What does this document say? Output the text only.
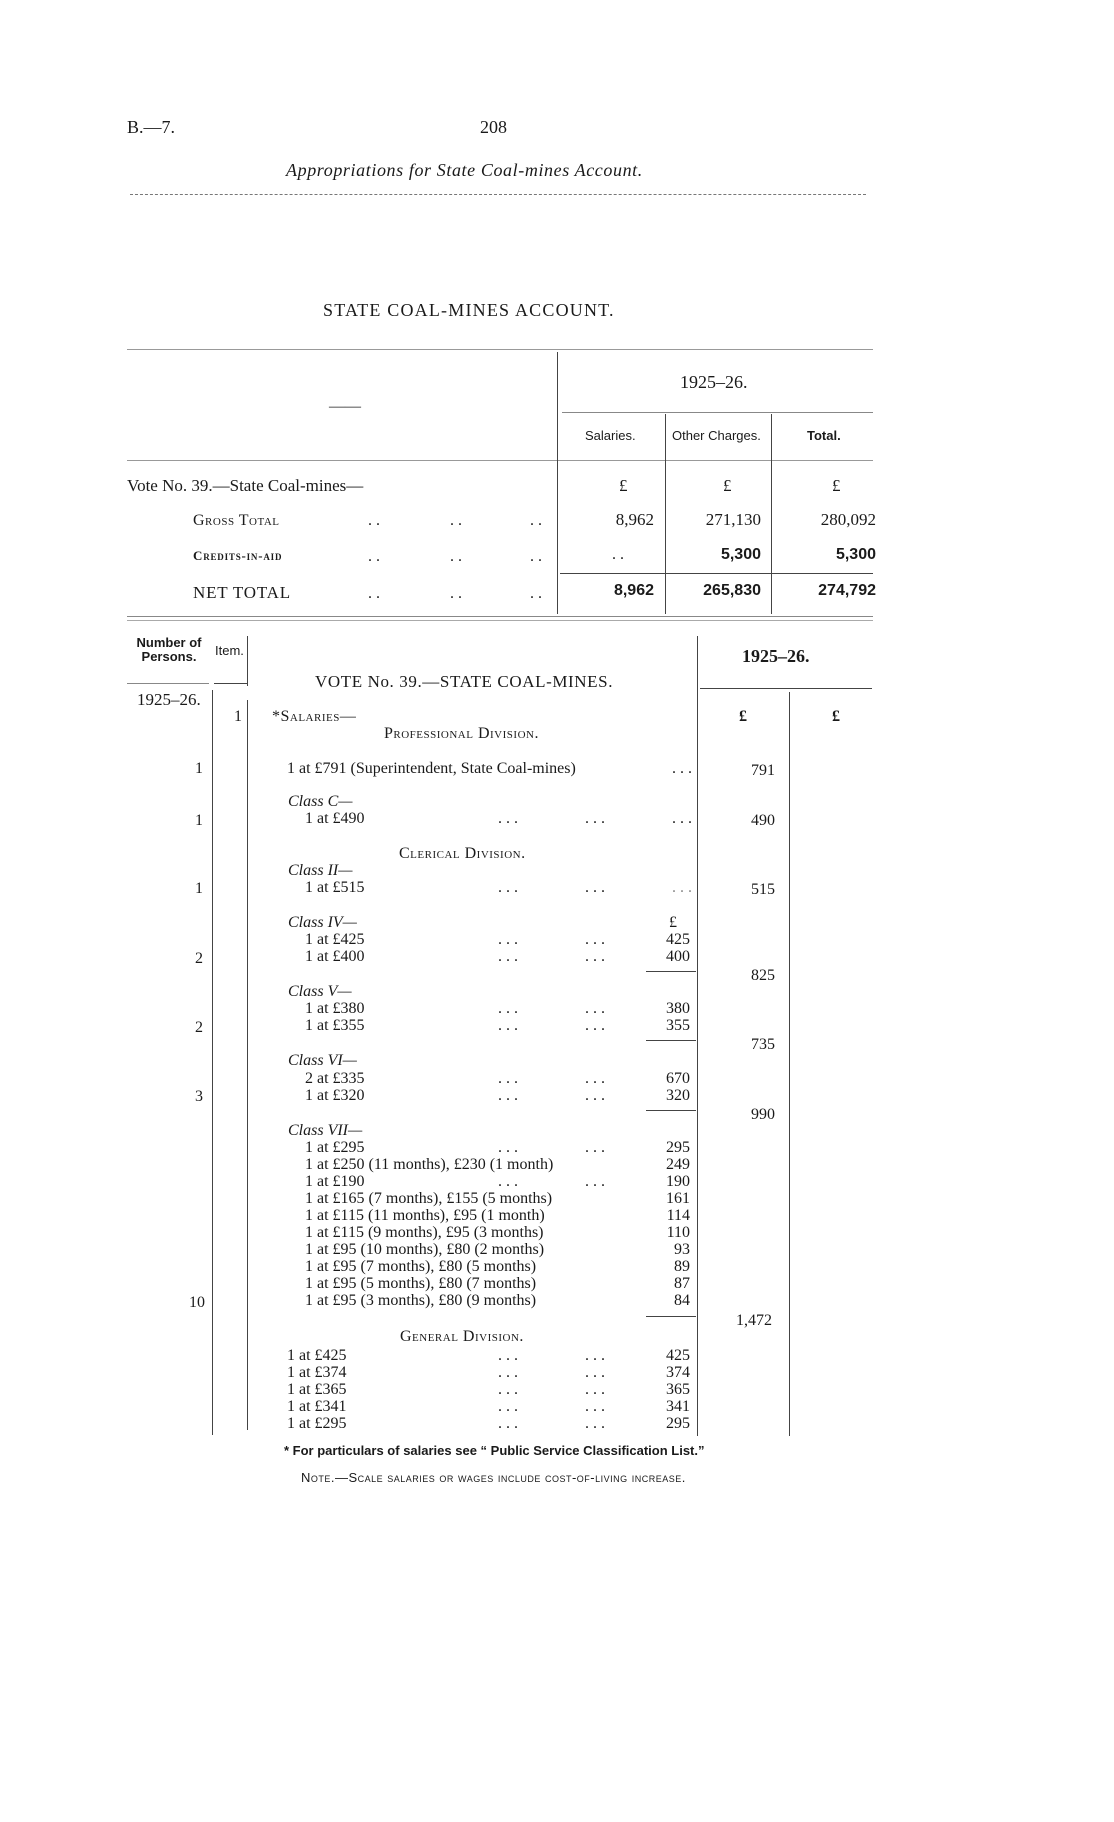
B.—7.	208
Appropriations for State Coal-mines Account.
STATE COAL-MINES ACCOUNT.
——
1925–26.
Salaries.	Other Charges.	Total.
Vote No. 39.—State Coal-mines—	£	£	£
Gross Total	. .	. .	. .	8,962	271,130	280,092
Credits-in-aid	. .	. .	. .	. .	5,300	5,300
NET TOTAL	. .	. .	. .	8,962	265,830	274,792
Number of Persons.	Item.	1925–26.
VOTE No. 39.—STATE COAL-MINES.
1925–26.
1 *Salaries—	£	£
Professional Division.
1	1 at £791 (Superintendent, State Coal-mines)	. . .	791
Class C—
1	1 at £490	. . .	. . .	. . .	490
Clerical Division.
Class II—
1	1 at £515	. . .	. . .	. . .	515
Class IV—	£
1 at £425	. . .	. . .	425
2	1 at £400	. . .	. . .	400
825
Class V—
1 at £380	. . .	. . .	380
2	1 at £355	. . .	. . .	355
735
Class VI—
2 at £335	. . .	. . .	670
3	1 at £320	. . .	. . .	320
990
Class VII—
1 at £295	. . .	. . .	295
1 at £250 (11 months), £230 (1 month)	249
1 at £190	. . .	. . .	190
1 at £165 (7 months), £155 (5 months)	161
1 at £115 (11 months), £95 (1 month)	114
1 at £115 (9 months), £95 (3 months)	110
1 at £95 (10 months), £80 (2 months)	93
1 at £95 (7 months), £80 (5 months)	89
1 at £95 (5 months), £80 (7 months)	87
10	1 at £95 (3 months), £80 (9 months)	84
1,472
General Division.
1 at £425	. . .	. . .	425
1 at £374	. . .	. . .	374
1 at £365	. . .	. . .	365
1 at £341	. . .	. . .	341
1 at £295	. . .	. . .	295
* For particulars of salaries see “ Public Service Classification List.”
Note.—Scale salaries or wages include cost-of-living increase.
